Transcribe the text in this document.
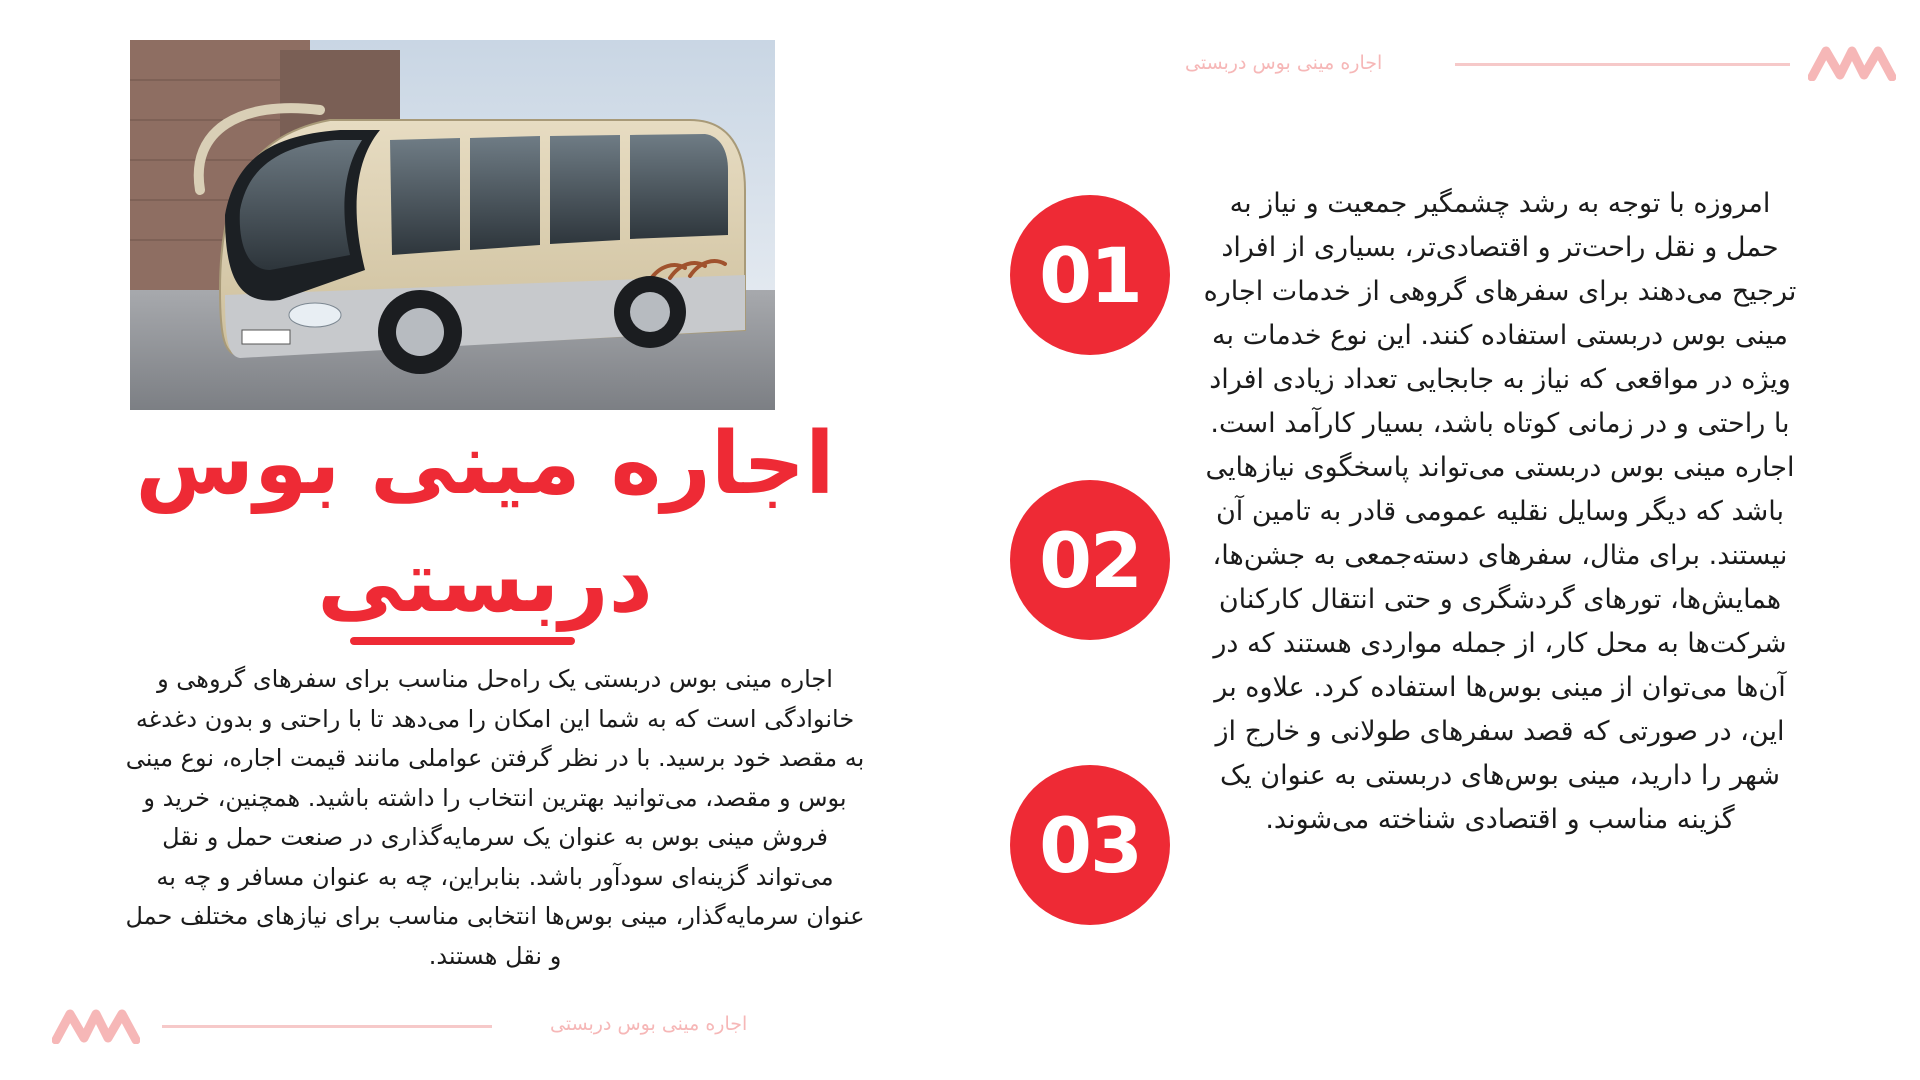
اجاره مینی بوس دربستی
اجاره مینی بوس
دربستی
اجاره مینی بوس دربستی یک راه‌حل مناسب برای سفرهای گروهی و خانوادگی است که به شما این امکان را می‌دهد تا با راحتی و بدون دغدغه به مقصد خود برسید. با در نظر گرفتن عواملی مانند قیمت اجاره، نوع مینی بوس و مقصد، می‌توانید بهترین انتخاب را داشته باشید. همچنین، خرید و فروش مینی بوس به عنوان یک سرمایه‌گذاری در صنعت حمل و نقل می‌تواند گزینه‌ای سودآور باشد. بنابراین، چه به عنوان مسافر و چه به عنوان سرمایه‌گذار، مینی بوس‌ها انتخابی مناسب برای نیازهای مختلف حمل و نقل هستند.
01
02
03
امروزه با توجه به رشد چشمگیر جمعیت و نیاز به حمل و نقل راحت‌تر و اقتصادی‌تر، بسیاری از افراد ترجیح می‌دهند برای سفرهای گروهی از خدمات اجاره مینی بوس دربستی استفاده کنند. این نوع خدمات به ویژه در مواقعی که نیاز به جابجایی تعداد زیادی افراد با راحتی و در زمانی کوتاه باشد، بسیار کارآمد است. اجاره مینی بوس دربستی می‌تواند پاسخگوی نیازهایی باشد که دیگر وسایل نقلیه عمومی قادر به تامین آن نیستند. برای مثال، سفرهای دسته‌جمعی به جشن‌ها، همایش‌ها، تورهای گردشگری و حتی انتقال کارکنان شرکت‌ها به محل کار، از جمله مواردی هستند که در آن‌ها می‌توان از مینی بوس‌ها استفاده کرد. علاوه بر این، در صورتی که قصد سفرهای طولانی و خارج از شهر را دارید، مینی بوس‌های دربستی به عنوان یک گزینه مناسب و اقتصادی شناخته می‌شوند.
اجاره مینی بوس دربستی
